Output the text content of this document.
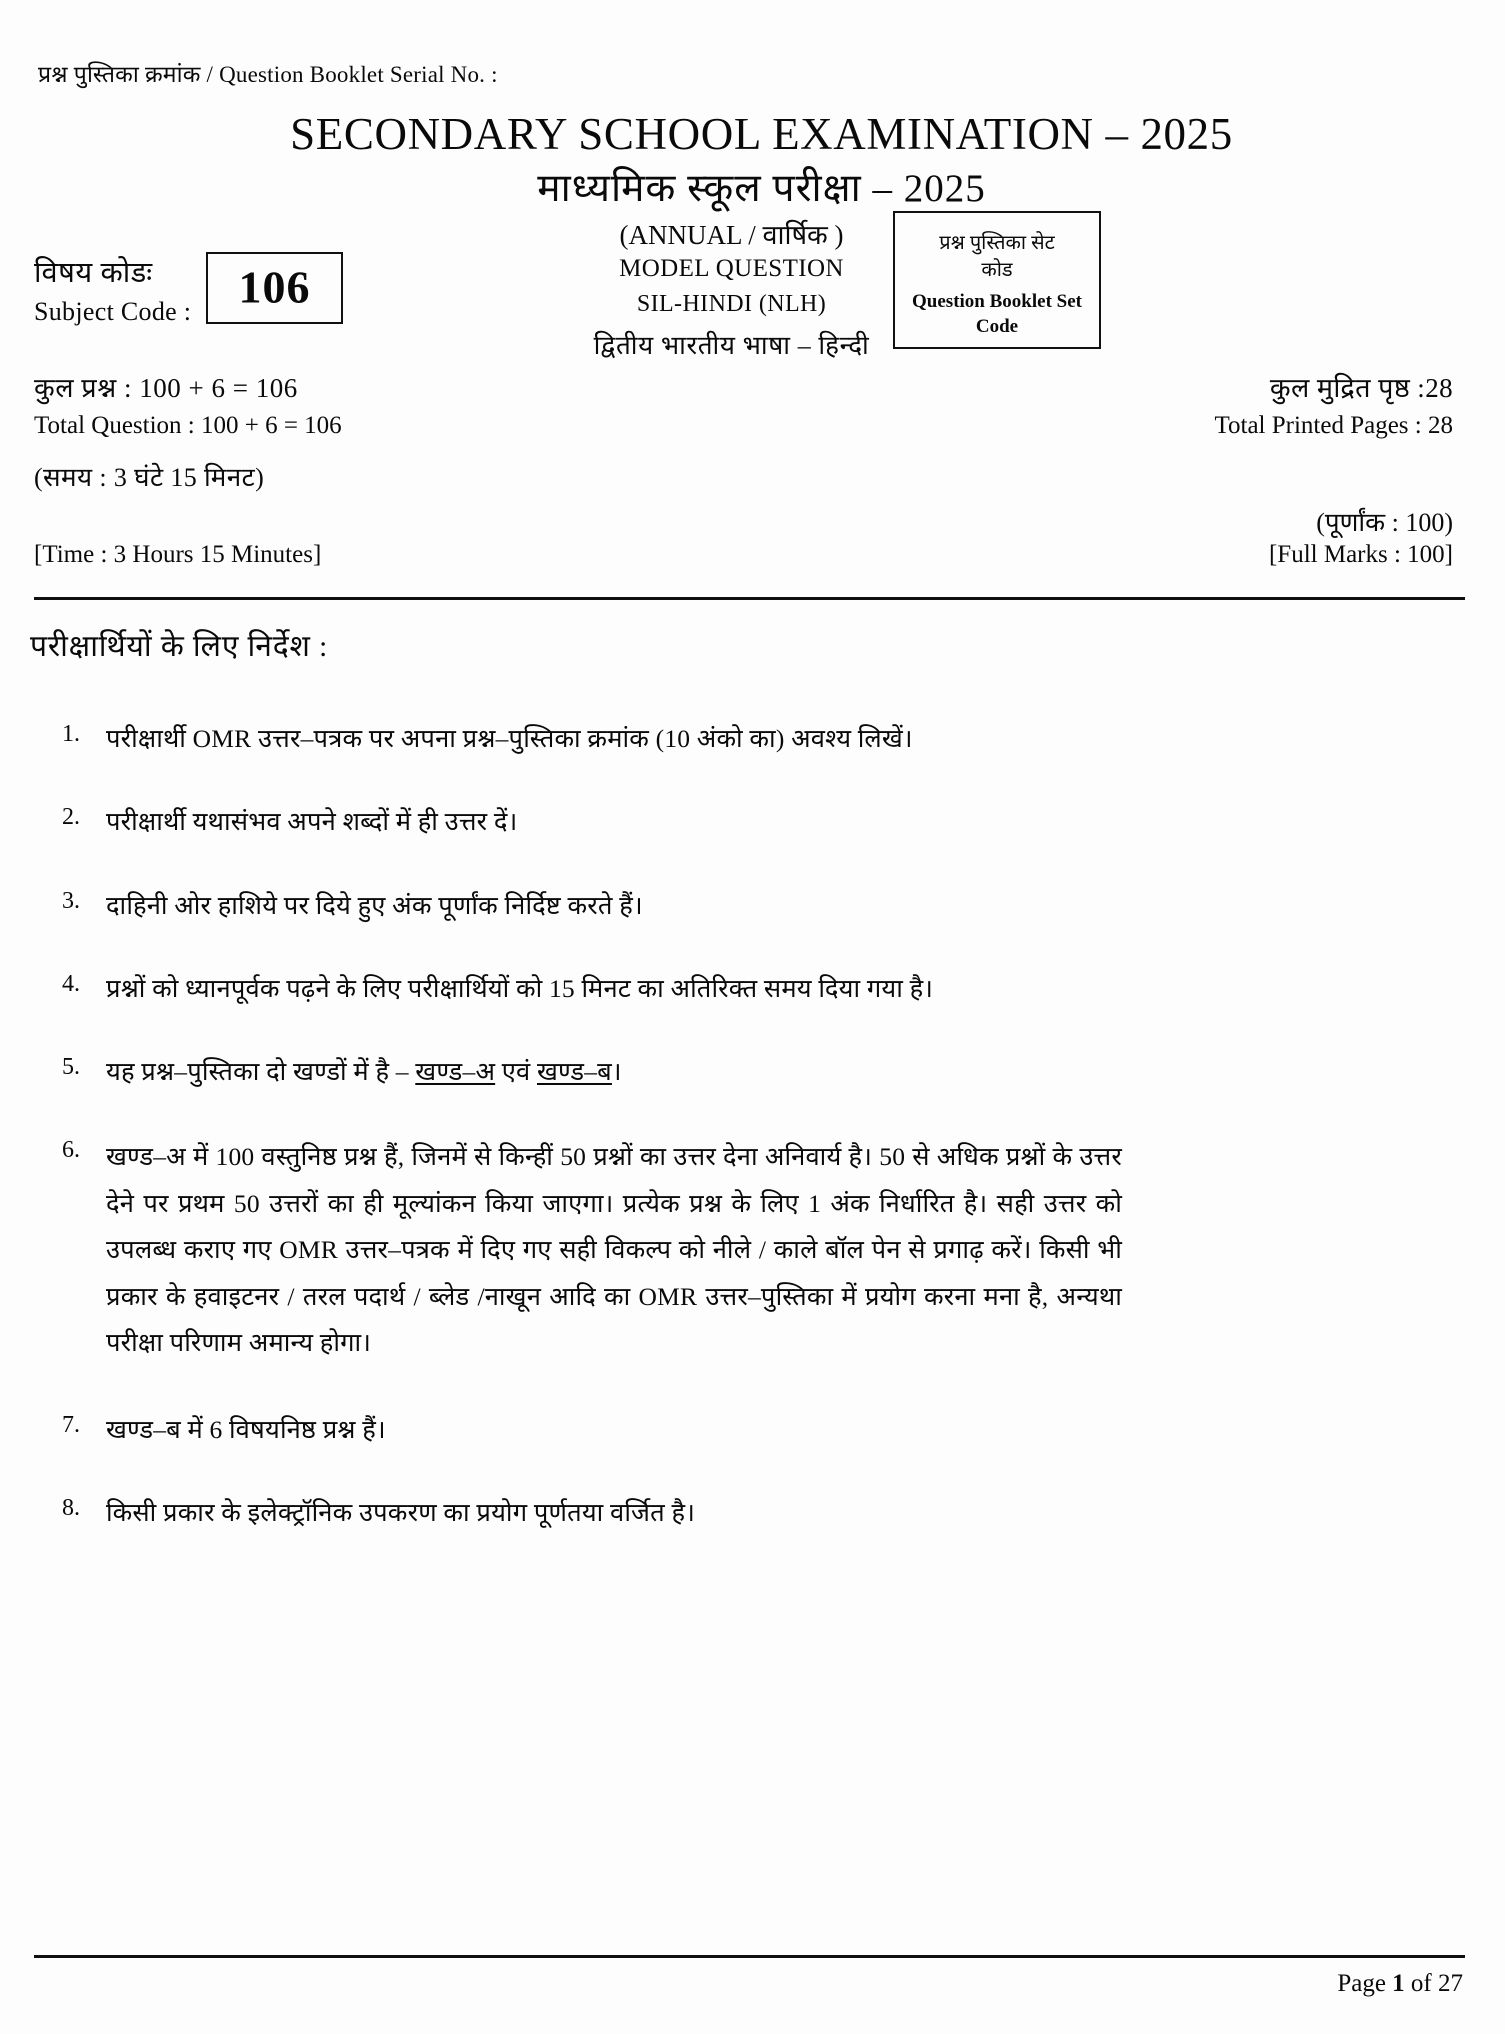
प्रश्न पुस्तिका क्रमांक / Question Booklet Serial No. :
SECONDARY SCHOOL EXAMINATION – 2025
माध्यमिक स्कूल परीक्षा – 2025
(ANNUAL / वार्षिक )
MODEL QUESTION
SIL-HINDI (NLH)
द्वितीय भारतीय भाषा – हिन्दी
विषय कोडः
Subject Code :	106
प्रश्न पुस्तिका सेट
कोड
Question Booklet Set
Code
कुल प्रश्न : 100 + 6 = 106
Total Question : 100 + 6 = 106
कुल मुद्रित पृष्ठ :28
Total Printed Pages : 28
(समय : 3 घंटे 15 मिनट)
[Time : 3 Hours 15 Minutes]
(पूर्णांक : 100)
[Full Marks : 100]
परीक्षार्थियों के लिए निर्देश :
1.	परीक्षार्थी OMR उत्तर–पत्रक पर अपना प्रश्न–पुस्तिका क्रमांक (10 अंको का) अवश्य लिखें।
2.	परीक्षार्थी यथासंभव अपने शब्दों में ही उत्तर दें।
3.	दाहिनी ओर हाशिये पर दिये हुए अंक पूर्णांक निर्दिष्ट करते हैं।
4.	प्रश्नों को ध्यानपूर्वक पढ़ने के लिए परीक्षार्थियों को 15 मिनट का अतिरिक्त समय दिया गया है।
5.	यह प्रश्न–पुस्तिका दो खण्डों में है – खण्ड–अ एवं खण्ड–ब।
6.	खण्ड–अ में 100 वस्तुनिष्ठ प्रश्न हैं, जिनमें से किन्हीं 50 प्रश्नों का उत्तर देना अनिवार्य है। 50 से अधिक प्रश्नों के उत्तर देने पर प्रथम 50 उत्तरों का ही मूल्यांकन किया जाएगा। प्रत्येक प्रश्न के लिए 1 अंक निर्धारित है। सही उत्तर को उपलब्ध कराए गए OMR उत्तर–पत्रक में दिए गए सही विकल्प को नीले / काले बॉल पेन से प्रगाढ़ करें। किसी भी प्रकार के हवाइटनर / तरल पदार्थ / ब्लेड /नाखून आदि का OMR उत्तर–पुस्तिका में प्रयोग करना मना है, अन्यथा परीक्षा परिणाम अमान्य होगा।
7.	खण्ड–ब में 6 विषयनिष्ठ प्रश्न हैं।
8.	किसी प्रकार के इलेक्ट्रॉनिक उपकरण का प्रयोग पूर्णतया वर्जित है।
Page 1 of 27
